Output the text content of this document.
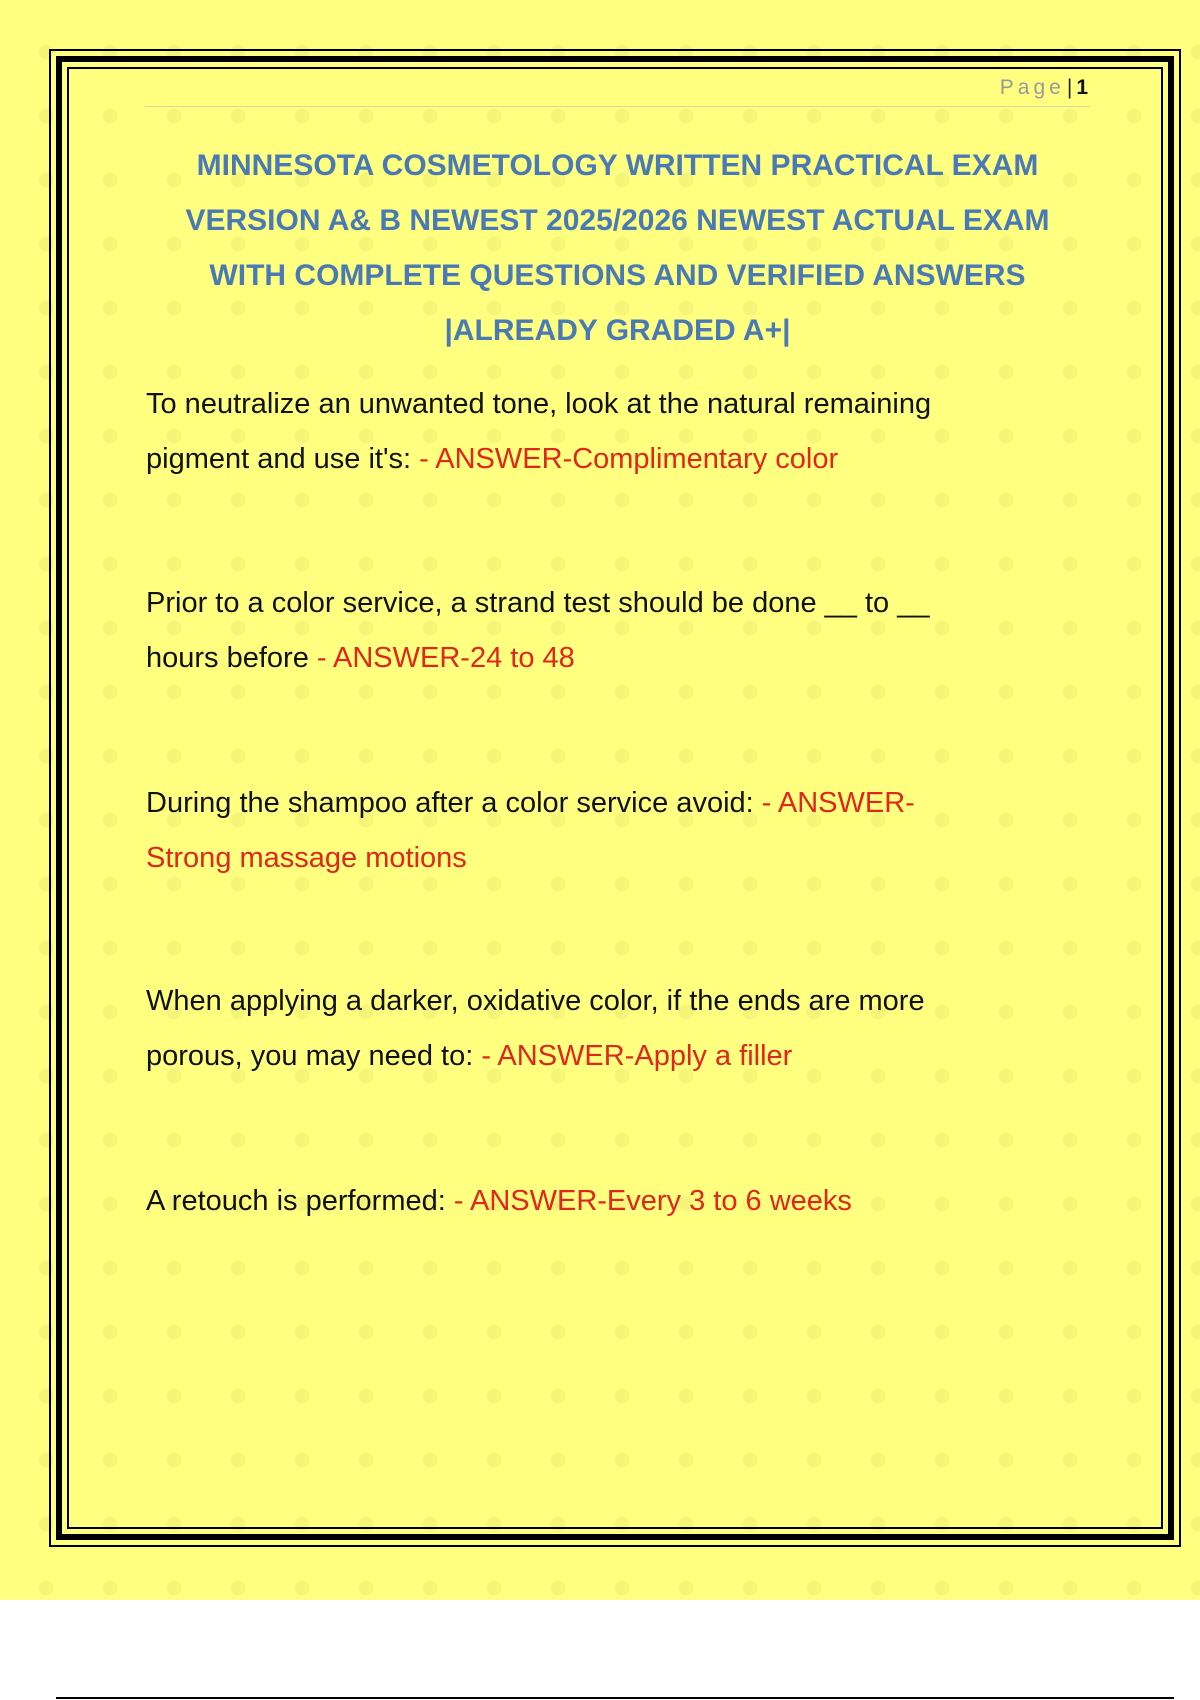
Page| 1
MINNESOTA COSMETOLOGY WRITTEN PRACTICAL EXAM
VERSION A& B NEWEST 2025/2026 NEWEST ACTUAL EXAM
WITH COMPLETE QUESTIONS AND VERIFIED ANSWERS
|ALREADY GRADED A+|
To neutralize an unwanted tone, look at the natural remaining
pigment and use it's: - ANSWER-Complimentary color
Prior to a color service, a strand test should be done __ to __
hours before - ANSWER-24 to 48
During the shampoo after a color service avoid: - ANSWER-
Strong massage motions
When applying a darker, oxidative color, if the ends are more
porous, you may need to: - ANSWER-Apply a filler
A retouch is performed: - ANSWER-Every 3 to 6 weeks
